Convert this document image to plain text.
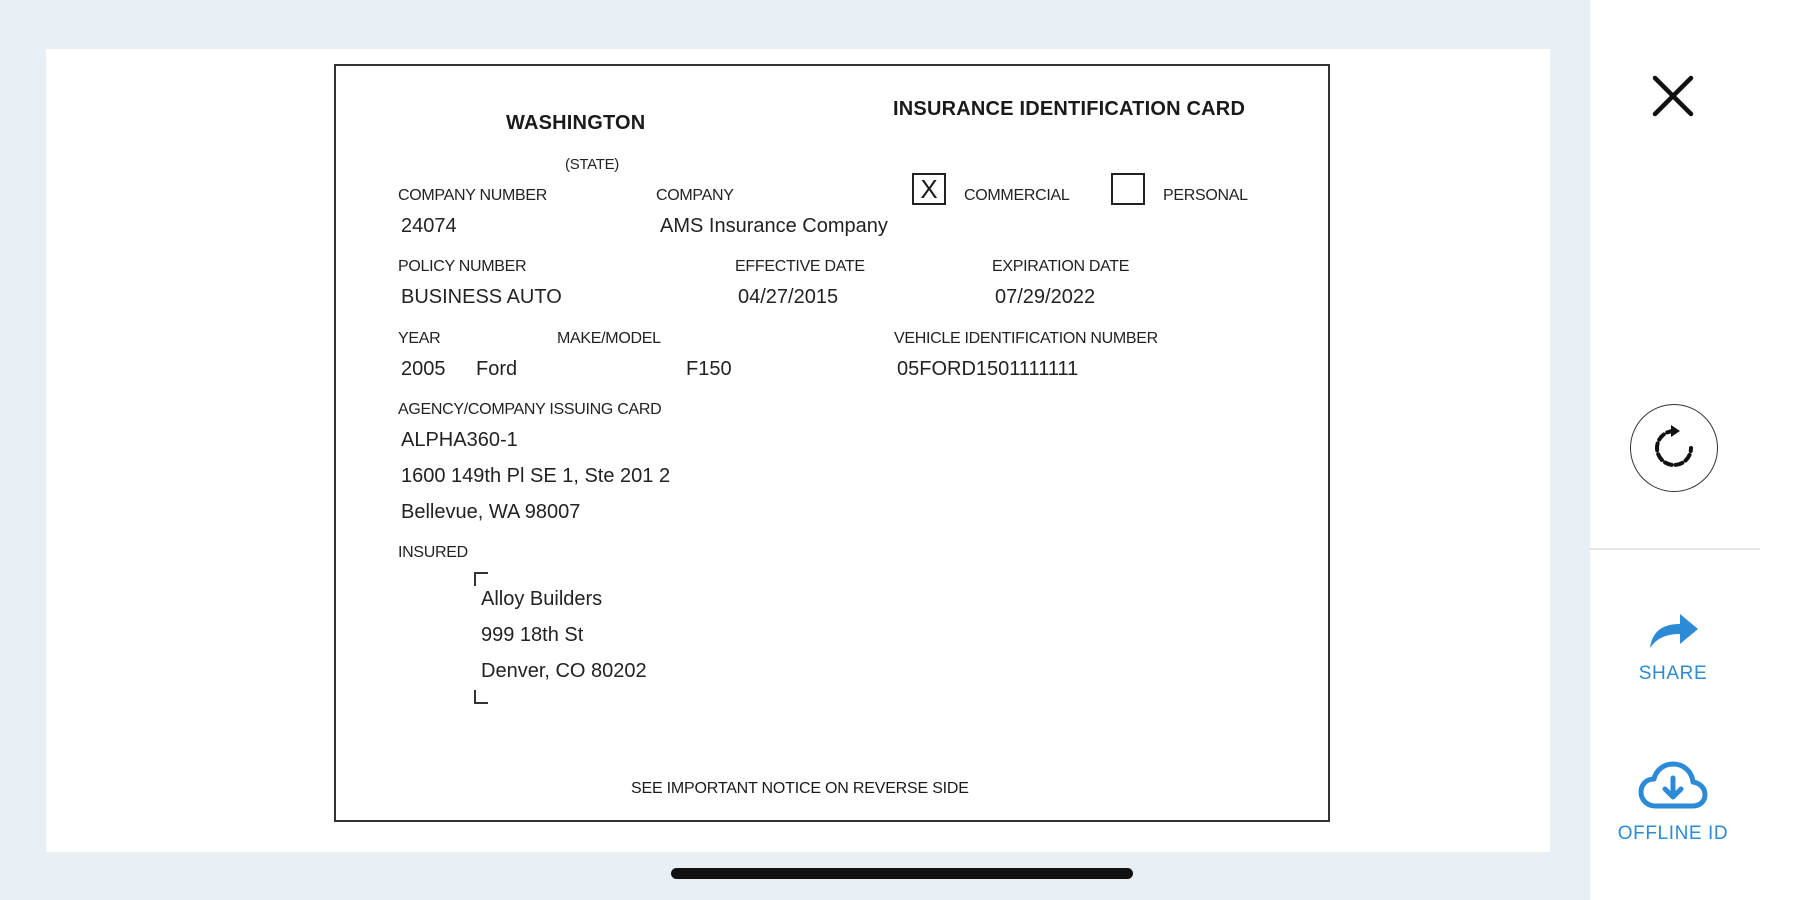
WASHINGTON
(STATE)
INSURANCE IDENTIFICATION CARD
COMPANY NUMBER
24074
COMPANY
AMS Insurance Company
X	COMMERCIAL	PERSONAL
POLICY NUMBER
BUSINESS AUTO
EFFECTIVE DATE
04/27/2015
EXPIRATION DATE
07/29/2022
YEAR
2005
MAKE/MODEL
Ford	F150
VEHICLE IDENTIFICATION NUMBER
05FORD1501111111
AGENCY/COMPANY ISSUING CARD
ALPHA360-1
1600 149th Pl SE 1, Ste 201 2
Bellevue, WA 98007
INSURED
Alloy Builders
999 18th St
Denver, CO 80202
SEE IMPORTANT NOTICE ON REVERSE SIDE
SHARE
OFFLINE ID
